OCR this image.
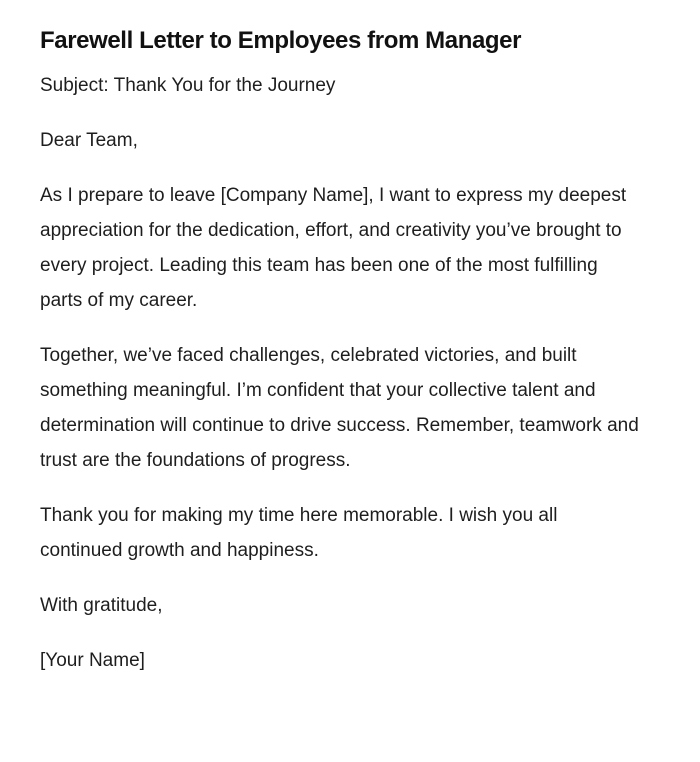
Farewell Letter to Employees from Manager

Subject: Thank You for the Journey

Dear Team,

As I prepare to leave [Company Name], I want to express my deepest appreciation for the dedication, effort, and creativity you’ve brought to every project. Leading this team has been one of the most fulfilling parts of my career.

Together, we’ve faced challenges, celebrated victories, and built something meaningful. I’m confident that your collective talent and determination will continue to drive success. Remember, teamwork and trust are the foundations of progress.

Thank you for making my time here memorable. I wish you all continued growth and happiness.

With gratitude,

[Your Name]
